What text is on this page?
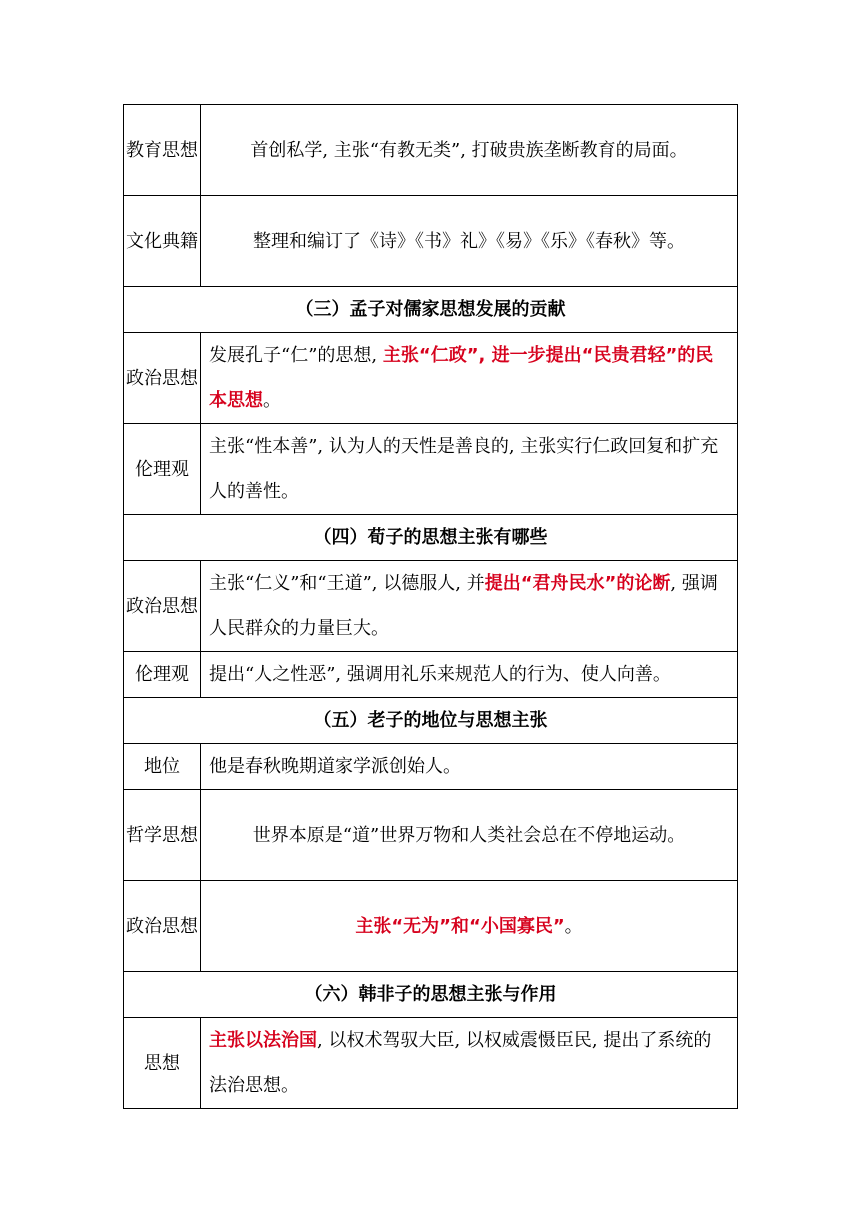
教育思想	首创私学, 主张“有教无类”, 打破贵族垄断教育的局面。
文化典籍	整理和编订了《诗》《书》礼》《易》《乐》《春秋》等。
（三）孟子对儒家思想发展的贡献	
政治思想	发展孔子“仁”的思想, 主张“仁政”, 进一步提出“民贵君轻”的民本思想。
伦理观	主张“性本善”, 认为人的天性是善良的, 主张实行仁政回复和扩充人的善性。
（四）荀子的思想主张有哪些	
政治思想	主张“仁义”和“王道”, 以德服人, 并提出“君舟民水”的论断, 强调人民群众的力量巨大。
伦理观	提出“人之性恶”, 强调用礼乐来规范人的行为、使人向善。
（五）老子的地位与思想主张	
地位	他是春秋晚期道家学派创始人。
哲学思想	世界本原是“道”世界万物和人类社会总在不停地运动。
政治思想	主张“无为”和“小国寡民”。
（六）韩非子的思想主张与作用	
思想	主张以法治国, 以权术驾驭大臣, 以权威震慑臣民, 提出了系统的法治思想。
